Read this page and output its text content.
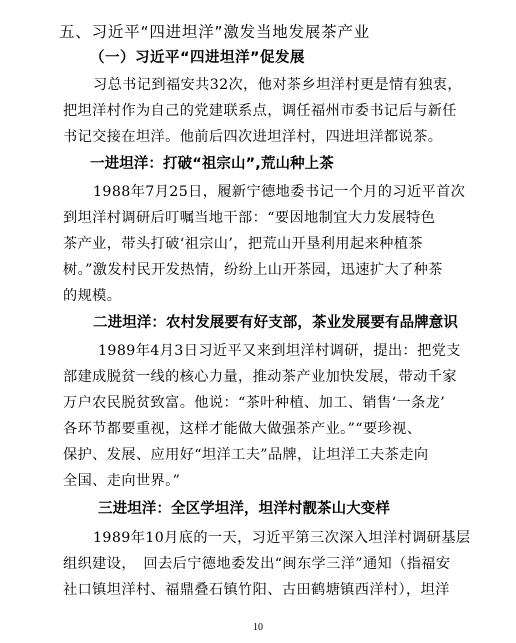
五、习近平“四进坦洋”激发当地发展茶产业
（一）习近平“四进坦洋”促发展
习总书记到福安共32次，他对茶乡坦洋村更是情有独衷，
把坦洋村作为自己的党建联系点，调任福州市委书记后与新任
书记交接在坦洋。他前后四次进坦洋村，四进坦洋都说茶。
一进坦洋：打破“祖宗山”,荒山种上茶
1988年7月25日，履新宁德地委书记一个月的习近平首次
到坦洋村调研后叮嘱当地干部：“要因地制宜大力发展特色
茶产业，带头打破‘祖宗山’，把荒山开垦利用起来种植茶
树。”激发村民开发热情，纷纷上山开茶园，迅速扩大了种茶
的规模。
二进坦洋：农村发展要有好支部，茶业发展要有品牌意识
1989年4月3日习近平又来到坦洋村调研，提出：把党支
部建成脱贫一线的核心力量，推动茶产业加快发展，带动千家
万户农民脱贫致富。他说：“茶叶种植、加工、销售‘一条龙’
各环节都要重视，这样才能做大做强茶产业。”“要珍视、
保护、发展、应用好“坦洋工夫”品牌，让坦洋工夫茶走向
全国、走向世界。”
三进坦洋：全区学坦洋，坦洋村靓茶山大变样
1989年10月底的一天，习近平第三次深入坦洋村调研基层
组织建设，　回去后宁德地委发出“闽东学三洋”通知（指福安
社口镇坦洋村、福鼎叠石镇竹阳、古田鹤塘镇西洋村），坦洋
10
